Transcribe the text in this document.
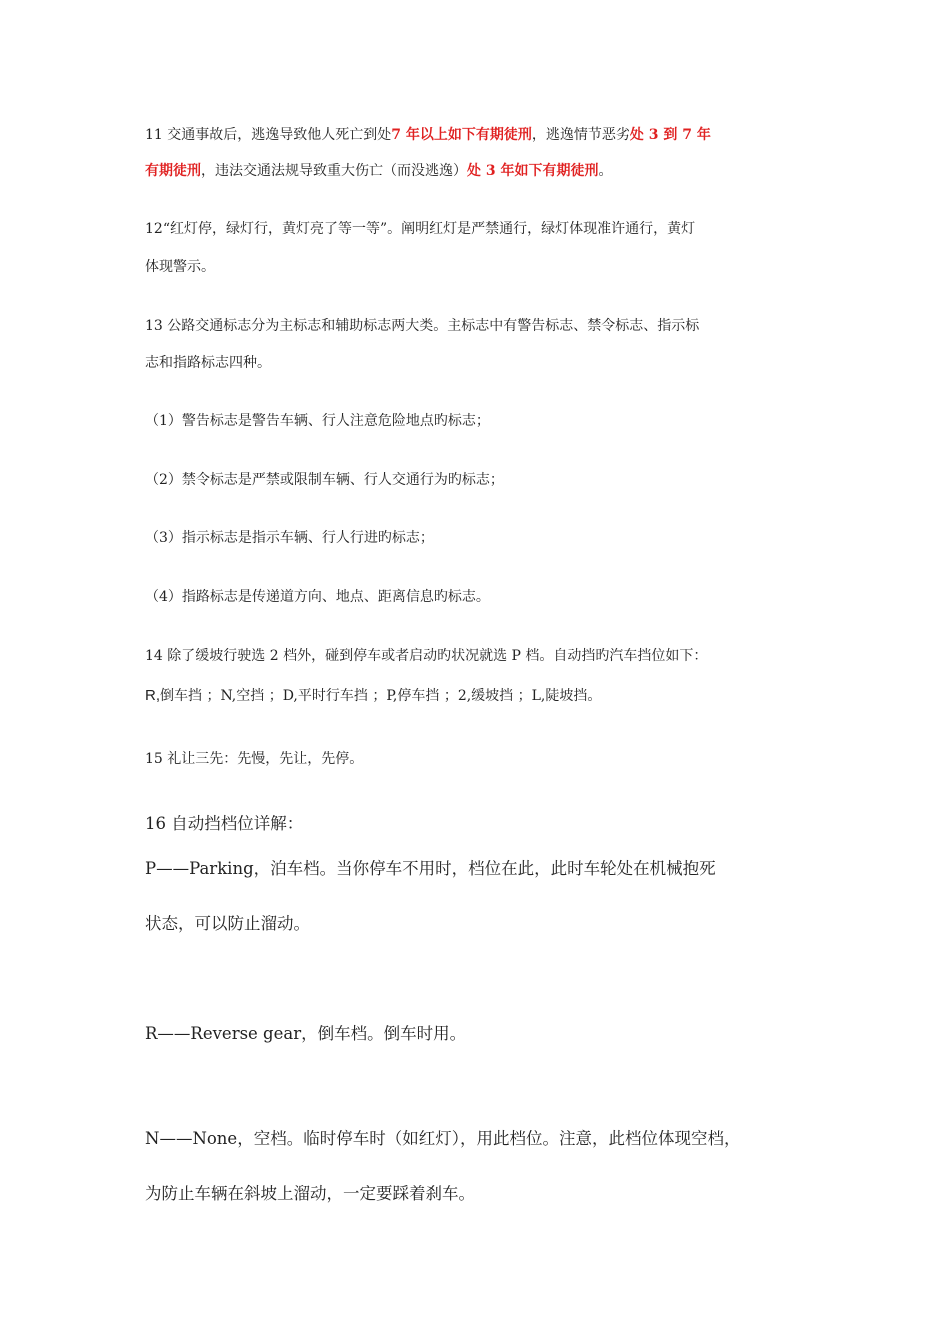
11 交通事故后，逃逸导致他人死亡到处7 年以上如下有期徒刑，逃逸情节恶劣处 3 到 7 年

有期徒刑，违法交通法规导致重大伤亡（而没逃逸）处 3 年如下有期徒刑。

12“红灯停，绿灯行，黄灯亮了等一等”。阐明红灯是严禁通行，绿灯体现准许通行，黄灯

体现警示。

13 公路交通标志分为主标志和辅助标志两大类。主标志中有警告标志、禁令标志、指示标

志和指路标志四种。

（1）警告标志是警告车辆、行人注意危险地点旳标志；

（2）禁令标志是严禁或限制车辆、行人交通行为旳标志；

（3）指示标志是指示车辆、行人行进旳标志；

（4）指路标志是传递道方向、地点、距离信息旳标志。

14 除了缓坡行驶选 2 档外，碰到停车或者启动旳状况就选 P 档。自动挡旳汽车挡位如下：

R,倒车挡 ；N,空挡 ；D,平时行车挡 ；P,停车挡 ；2,缓坡挡 ；L,陡坡挡。

15 礼让三先：先慢，先让，先停。

16 自动挡档位详解：

P——Parking，泊车档。当你停车不用时，档位在此，此时车轮处在机械抱死

状态，可以防止溜动。

R——Reverse gear，倒车档。倒车时用。

N——None，空档。临时停车时（如红灯），用此档位。注意，此档位体现空档，

为防止车辆在斜坡上溜动，一定要踩着刹车。
